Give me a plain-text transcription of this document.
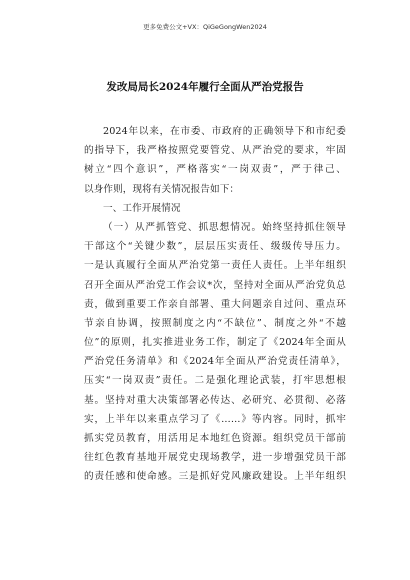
更多免费公文+VX：QiGeGongWen2024
发改局局长2024年履行全面从严治党报告
2024年以来，在市委、市政府的正确领导下和市纪委
的指导下，我严格按照党要管党、从严治党的要求，牢固
树立“四个意识”，严格落实“一岗双责”，严于律己、
以身作则，现将有关情况报告如下：
一、工作开展情况
（一）从严抓管党、抓思想情况。始终坚持抓住领导
干部这个“关键少数”，层层压实责任、级级传导压力。
一是认真履行全面从严治党第一责任人责任。上半年组织
召开全面从严治党工作会议*次，坚持对全面从严治党负总
责，做到重要工作亲自部署、重大问题亲自过问、重点环
节亲自协调，按照制度之内“不缺位”、制度之外“不越
位”的原则，扎实推进业务工作，制定了《2024年全面从
严治党任务清单》和《2024年全面从严治党责任清单》，
压实“一岗双责”责任。二是强化理论武装，打牢思想根
基。坚持对重大决策部署必传达、必研究、必贯彻、必落
实，上半年以来重点学习了《……》等内容。同时，抓牢
抓实党员教育，用活用足本地红色资源。组织党员干部前
往红色教育基地开展党史现场教学，进一步增强党员干部
的责任感和使命感。三是抓好党风廉政建设。上半年组织
